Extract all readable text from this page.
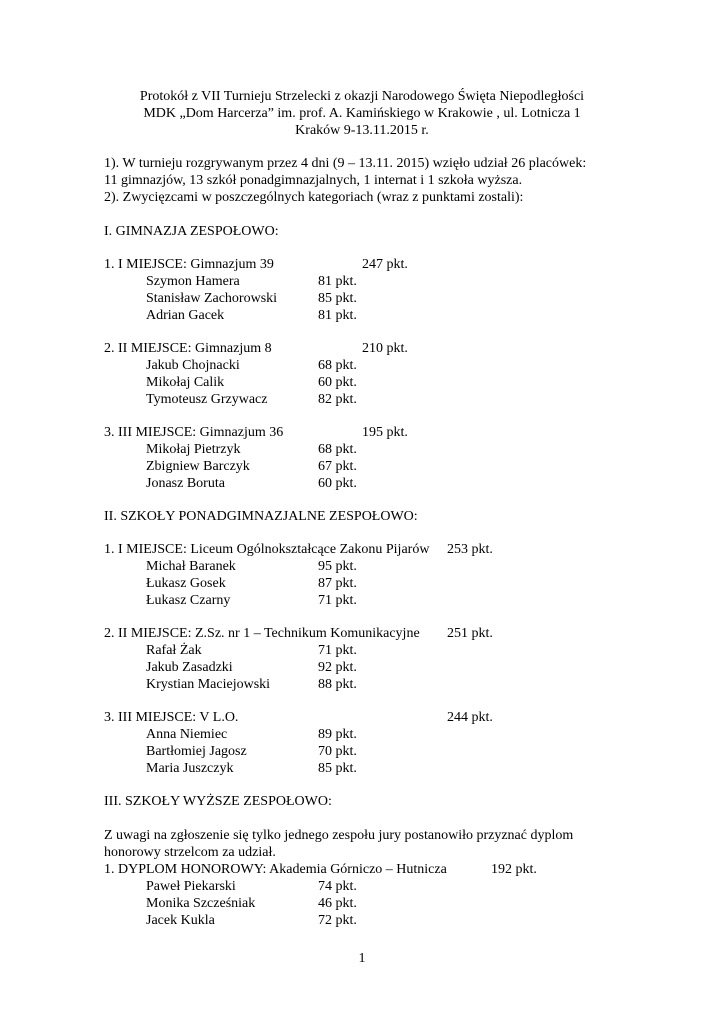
Protokół z VII Turnieju Strzelecki z okazji Narodowego Święta Niepodległości
MDK „Dom Harcerza” im. prof. A. Kamińskiego w Krakowie , ul. Lotnicza 1
Kraków 9-13.11.2015 r.
1). W turnieju rozgrywanym przez 4 dni (9 – 13.11. 2015) wzięło udział 26 placówek:
11 gimnazjów, 13 szkół ponadgimnazjalnych, 1 internat i 1 szkoła wyższa.
2). Zwycięzcami w poszczególnych kategoriach (wraz z punktami zostali):
I. GIMNAZJA ZESPOŁOWO:
1. I MIEJSCE: Gimnazjum 39	247 pkt.
Szymon Hamera	81 pkt.
Stanisław Zachorowski	85 pkt.
Adrian Gacek	81 pkt.
2. II MIEJSCE: Gimnazjum 8	210 pkt.
Jakub Chojnacki	68 pkt.
Mikołaj Calik	60 pkt.
Tymoteusz Grzywacz	82 pkt.
3. III MIEJSCE: Gimnazjum 36	195 pkt.
Mikołaj Pietrzyk	68 pkt.
Zbigniew Barczyk	67 pkt.
Jonasz Boruta	60 pkt.
II. SZKOŁY PONADGIMNAZJALNE ZESPOŁOWO:
1. I MIEJSCE: Liceum Ogólnokształcące Zakonu Pijarów 253 pkt.
Michał Baranek	95 pkt.
Łukasz Gosek	87 pkt.
Łukasz Czarny	71 pkt.
2. II MIEJSCE: Z.Sz. nr 1 – Technikum Komunikacyjne 251 pkt.
Rafał Żak	71 pkt.
Jakub Zasadzki	92 pkt.
Krystian Maciejowski	88 pkt.
3. III MIEJSCE: V L.O.	244 pkt.
Anna Niemiec	89 pkt.
Bartłomiej Jagosz	70 pkt.
Maria Juszczyk	85 pkt.
III. SZKOŁY WYŻSZE ZESPOŁOWO:
Z uwagi na zgłoszenie się tylko jednego zespołu jury postanowiło przyznać dyplom
honorowy strzelcom za udział.
1. DYPLOM HONOROWY: Akademia Górniczo – Hutnicza	192 pkt.
Paweł Piekarski	74 pkt.
Monika Szcześniak	46 pkt.
Jacek Kukla	72 pkt.
1
